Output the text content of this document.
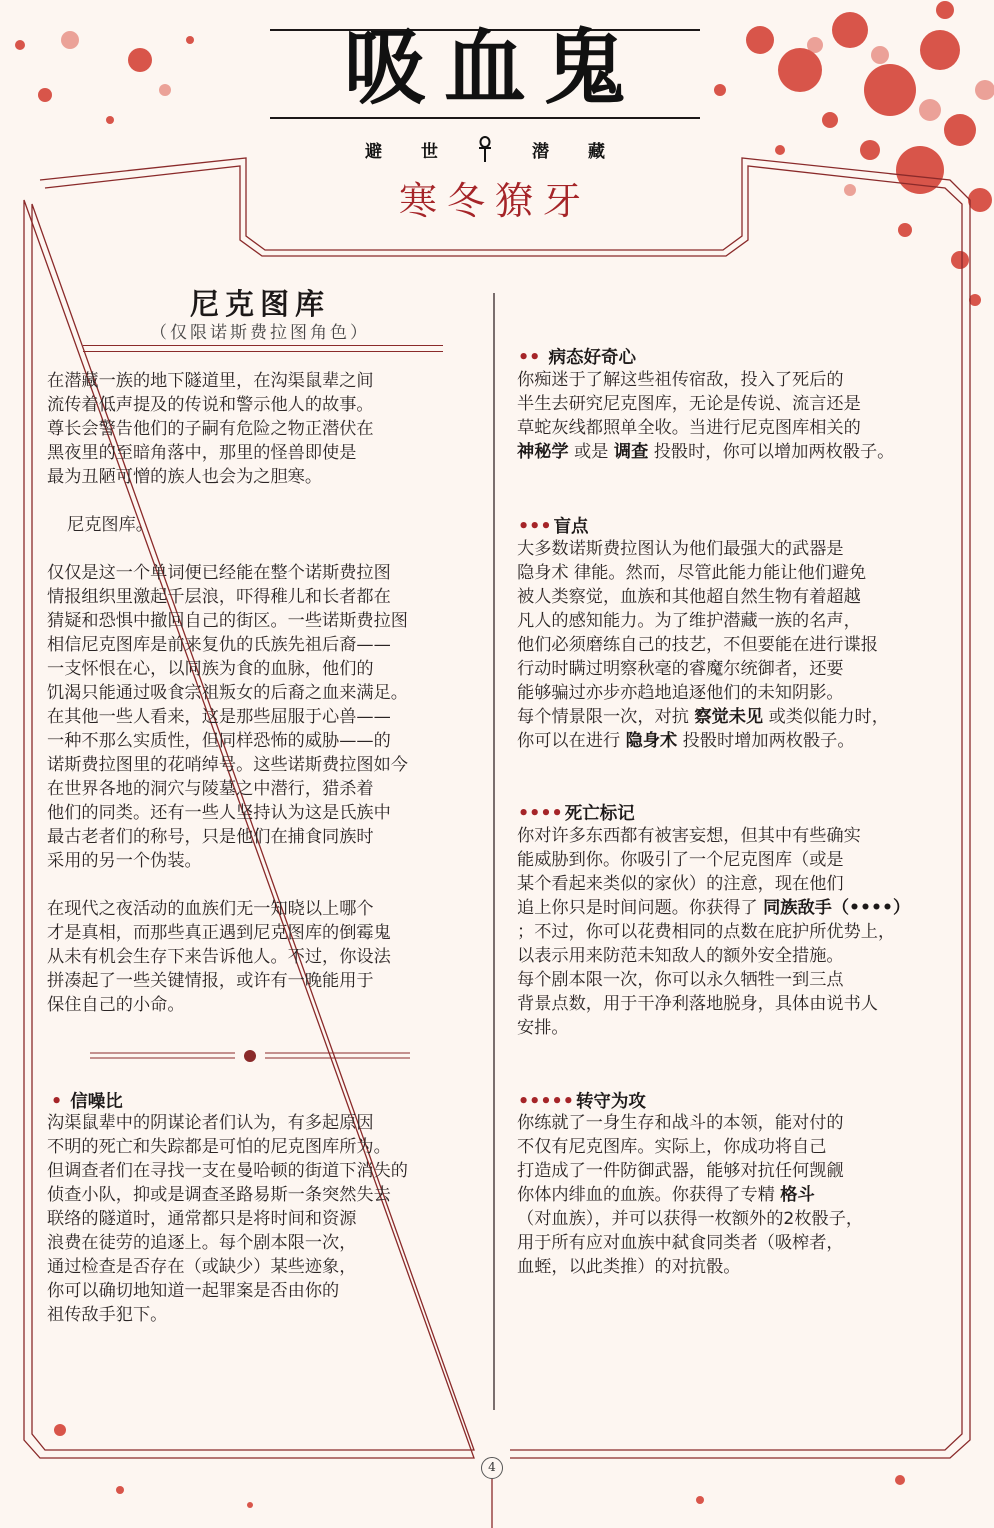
吸血鬼
避 世	潜 藏
寒冬獠牙
尼克图库
（仅限诺斯费拉图角色）
在潜藏一族的地下隧道里，在沟渠鼠辈之间
流传着低声提及的传说和警示他人的故事。
尊长会警告他们的子嗣有危险之物正潜伏在
黑夜里的至暗角落中，那里的怪兽即使是
最为丑陋可憎的族人也会为之胆寒。
尼克图库。
仅仅是这一个单词便已经能在整个诺斯费拉图
情报组织里激起千层浪，吓得稚儿和长者都在
猜疑和恐惧中撤回自己的街区。一些诺斯费拉图
相信尼克图库是前来复仇的氏族先祖后裔——
一支怀恨在心，以同族为食的血脉，他们的
饥渴只能通过吸食宗祖叛女的后裔之血来满足。
在其他一些人看来，这是那些屈服于心兽——
一种不那么实质性，但同样恐怖的威胁——的
诺斯费拉图里的花哨绰号。这些诺斯费拉图如今
在世界各地的洞穴与陵墓之中潜行，猎杀着
他们的同类。还有一些人坚持认为这是氏族中
最古老者们的称号，只是他们在捕食同族时
采用的另一个伪装。
在现代之夜活动的血族们无一知晓以上哪个
才是真相，而那些真正遇到尼克图库的倒霉鬼
从未有机会生存下来告诉他人。不过，你设法
拼凑起了一些关键情报，或许有一晚能用于
保住自己的小命。
• 信噪比
沟渠鼠辈中的阴谋论者们认为，有多起原因
不明的死亡和失踪都是可怕的尼克图库所为。
但调查者们在寻找一支在曼哈顿的街道下消失的
侦查小队，抑或是调查圣路易斯一条突然失去
联络的隧道时，通常都只是将时间和资源
浪费在徒劳的追逐上。每个剧本限一次，
通过检查是否存在（或缺少）某些迹象，
你可以确切地知道一起罪案是否由你的
祖传敌手犯下。
•• 病态好奇心
你痴迷于了解这些祖传宿敌，投入了死后的
半生去研究尼克图库，无论是传说、流言还是
草蛇灰线都照单全收。当进行尼克图库相关的
神秘学 或是 调查 投骰时，你可以增加两枚骰子。
••• 盲点
大多数诺斯费拉图认为他们最强大的武器是
隐身术 律能。然而，尽管此能力能让他们避免
被人类察觉，血族和其他超自然生物有着超越
凡人的感知能力。为了维护潜藏一族的名声，
他们必须磨练自己的技艺，不但要能在进行谍报
行动时瞒过明察秋毫的睿魔尔统御者，还要
能够骗过亦步亦趋地追逐他们的未知阴影。
每个情景限一次，对抗 察觉未见 或类似能力时，
你可以在进行 隐身术 投骰时增加两枚骰子。
•••• 死亡标记
你对许多东西都有被害妄想，但其中有些确实
能威胁到你。你吸引了一个尼克图库（或是
某个看起来类似的家伙）的注意，现在他们
追上你只是时间问题。你获得了 同族敌手（••••）
；不过，你可以花费相同的点数在庇护所优势上，
以表示用来防范未知敌人的额外安全措施。
每个剧本限一次，你可以永久牺牲一到三点
背景点数，用于干净利落地脱身，具体由说书人
安排。
••••• 转守为攻
你练就了一身生存和战斗的本领，能对付的
不仅有尼克图库。实际上，你成功将自己
打造成了一件防御武器，能够对抗任何觊觎
你体内绯血的血族。你获得了专精 格斗
（对血族），并可以获得一枚额外的2枚骰子，
用于所有应对血族中弑食同类者（吸榨者，
血蛭，以此类推）的对抗骰。
4
